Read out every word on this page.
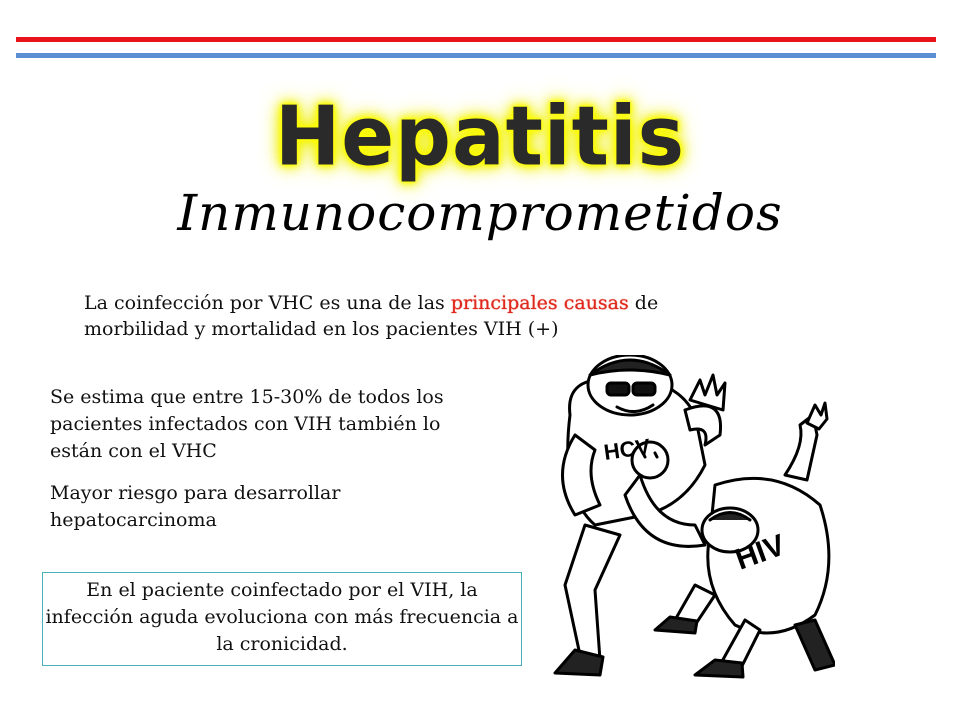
Hepatitis
Inmunocomprometidos
La coinfección por VHC es una de las principales causas de morbilidad y mortalidad en los pacientes VIH (+)
Se estima que entre 15-30% de todos los pacientes infectados con VIH también lo están con el VHC
Mayor riesgo para desarrollar hepatocarcinoma
En el paciente coinfectado por el VIH, la infección aguda evoluciona con más frecuencia a la cronicidad.
HCV
HIV
